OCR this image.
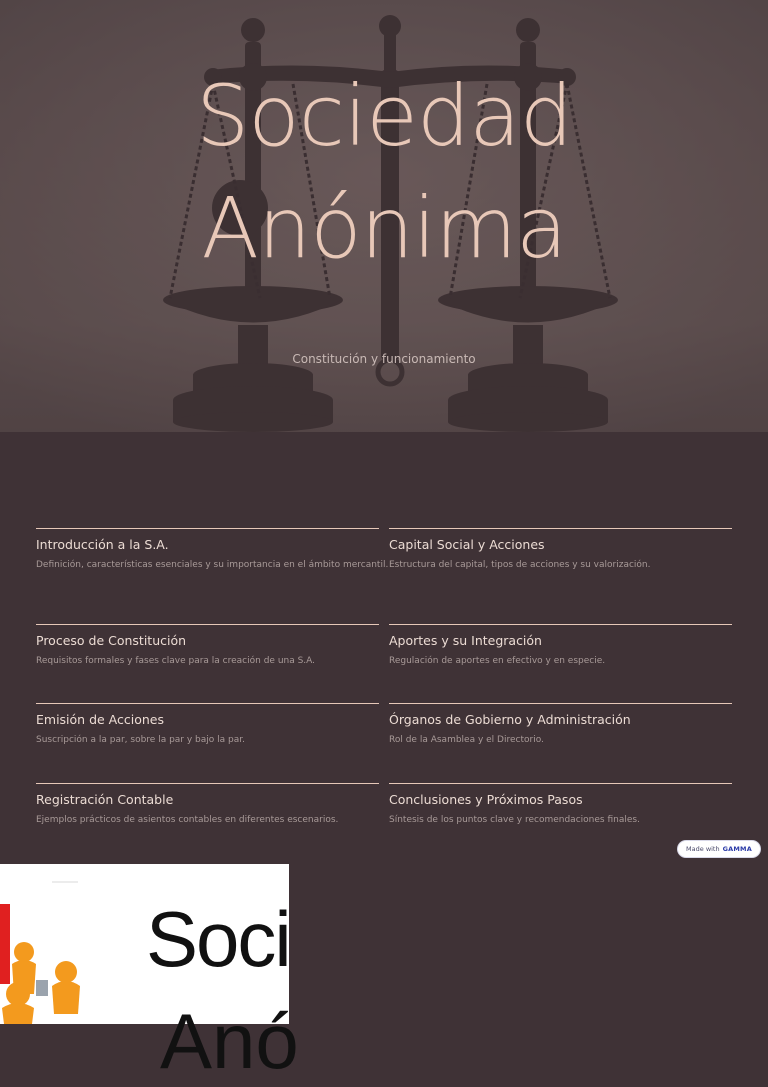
Sociedad
Anónima
Constitución y funcionamiento
Introducción a la S.A.
Definición, características esenciales y su importancia en el ámbito mercantil.
Capital Social y Acciones
Estructura del capital, tipos de acciones y su valorización.
Proceso de Constitución
Requisitos formales y fases clave para la creación de una S.A.
Aportes y su Integración
Regulación de aportes en efectivo y en especie.
Emisión de Acciones
Suscripción a la par, sobre la par y bajo la par.
Órganos de Gobierno y Administración
Rol de la Asamblea y el Directorio.
Registración Contable
Ejemplos prácticos de asientos contables en diferentes escenarios.
Conclusiones y Próximos Pasos
Síntesis de los puntos clave y recomendaciones finales.
Made with GAMMA
Soci
Anó
